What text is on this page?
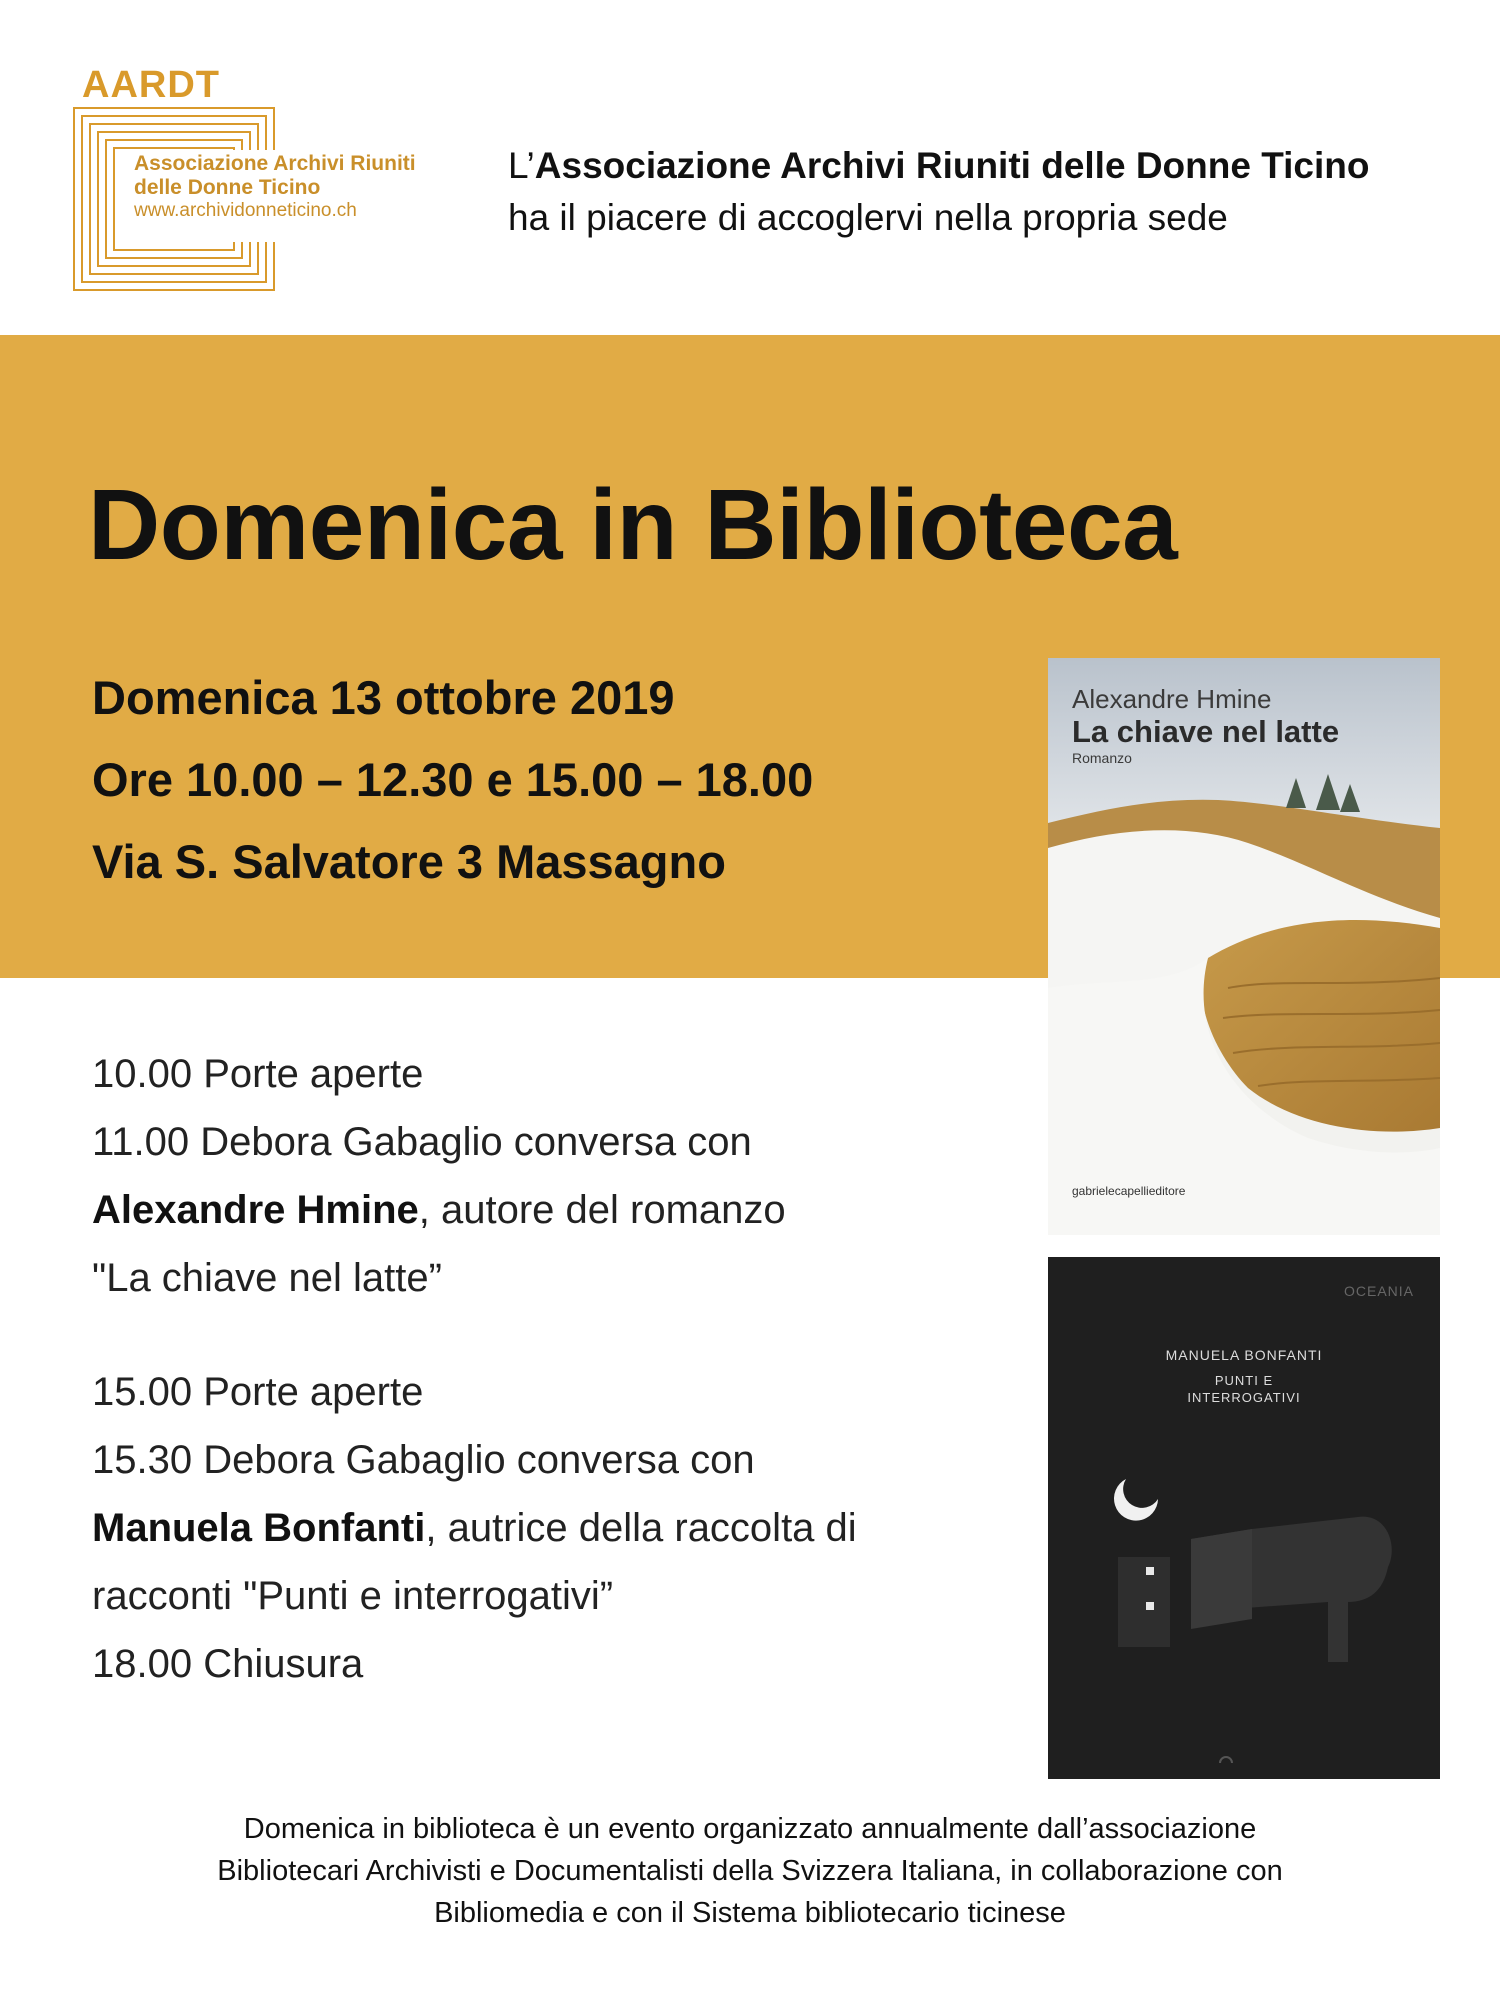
AARDT
Associazione Archivi Riuniti
delle Donne Ticino
www.archividonneticino.ch
L’Associazione Archivi Riuniti delle Donne Ticino
ha il piacere di accoglervi nella propria sede
Domenica in Biblioteca
Domenica 13 ottobre 2019
Ore 10.00 – 12.30 e 15.00 – 18.00
Via S. Salvatore 3 Massagno
Alexandre Hmine
La chiave nel latte
Romanzo
gabrielecapellieditore
OCEANIA
MANUELA BONFANTI
PUNTI E
INTERROGATIVI
10.00 Porte aperte
11.00 Debora Gabaglio conversa con
Alexandre Hmine, autore del romanzo
"La chiave nel latte”
15.00 Porte aperte
15.30 Debora Gabaglio conversa con
Manuela Bonfanti, autrice della raccolta di
racconti "Punti e interrogativi”
18.00 Chiusura
Domenica in biblioteca è un evento organizzato annualmente dall’associazione
Bibliotecari Archivisti e Documentalisti della Svizzera Italiana, in collaborazione con
Bibliomedia e con il Sistema bibliotecario ticinese
